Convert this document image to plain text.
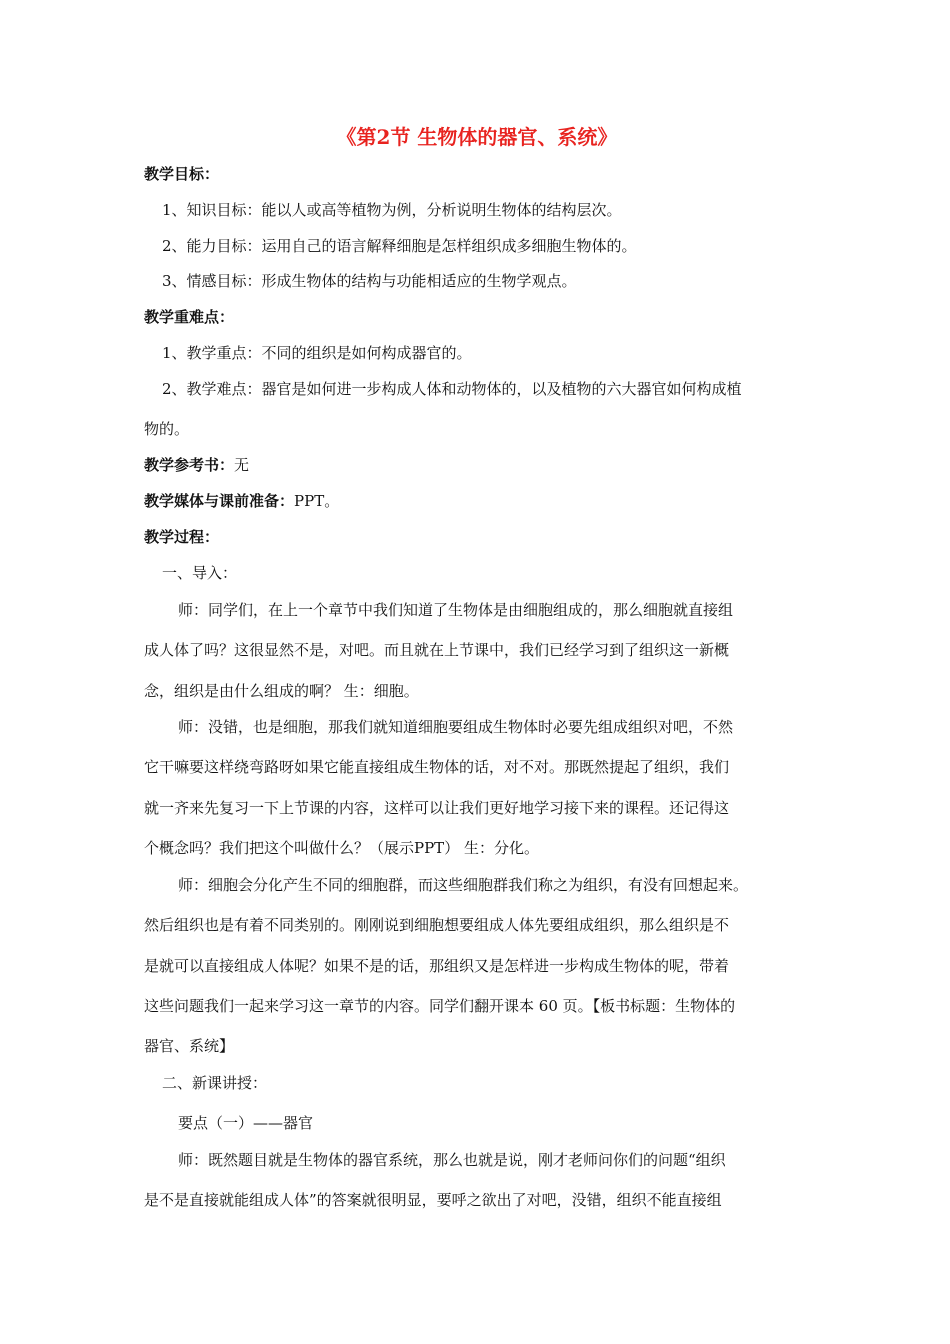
《第2节 生物体的器官、系统》
教学目标：
1、知识目标：能以人或高等植物为例，分析说明生物体的结构层次。
2、能力目标：运用自己的语言解释细胞是怎样组织成多细胞生物体的。
3、情感目标：形成生物体的结构与功能相适应的生物学观点。
教学重难点：
1、教学重点：不同的组织是如何构成器官的。
2、教学难点：器官是如何进一步构成人体和动物体的，以及植物的六大器官如何构成植
物的。
教学参考书：无
教学媒体与课前准备：PPT。
教学过程：
一、导入：
师：同学们，在上一个章节中我们知道了生物体是由细胞组成的，那么细胞就直接组
成人体了吗？这很显然不是，对吧。而且就在上节课中，我们已经学习到了组织这一新概
念，组织是由什么组成的啊？ 生：细胞。
师：没错，也是细胞，那我们就知道细胞要组成生物体时必要先组成组织对吧，不然
它干嘛要这样绕弯路呀如果它能直接组成生物体的话，对不对。那既然提起了组织，我们
就一齐来先复习一下上节课的内容，这样可以让我们更好地学习接下来的课程。还记得这
个概念吗？我们把这个叫做什么？（展示PPT） 生：分化。
师：细胞会分化产生不同的细胞群，而这些细胞群我们称之为组织，有没有回想起来。
然后组织也是有着不同类别的。刚刚说到细胞想要组成人体先要组成组织，那么组织是不
是就可以直接组成人体呢？如果不是的话，那组织又是怎样进一步构成生物体的呢，带着
这些问题我们一起来学习这一章节的内容。同学们翻开课本 60 页。【板书标题：生物体的
器官、系统】
二、新课讲授：
要点（一）——器官
师：既然题目就是生物体的器官系统，那么也就是说，刚才老师问你们的问题“组织
是不是直接就能组成人体”的答案就很明显，要呼之欲出了对吧，没错，组织不能直接组
